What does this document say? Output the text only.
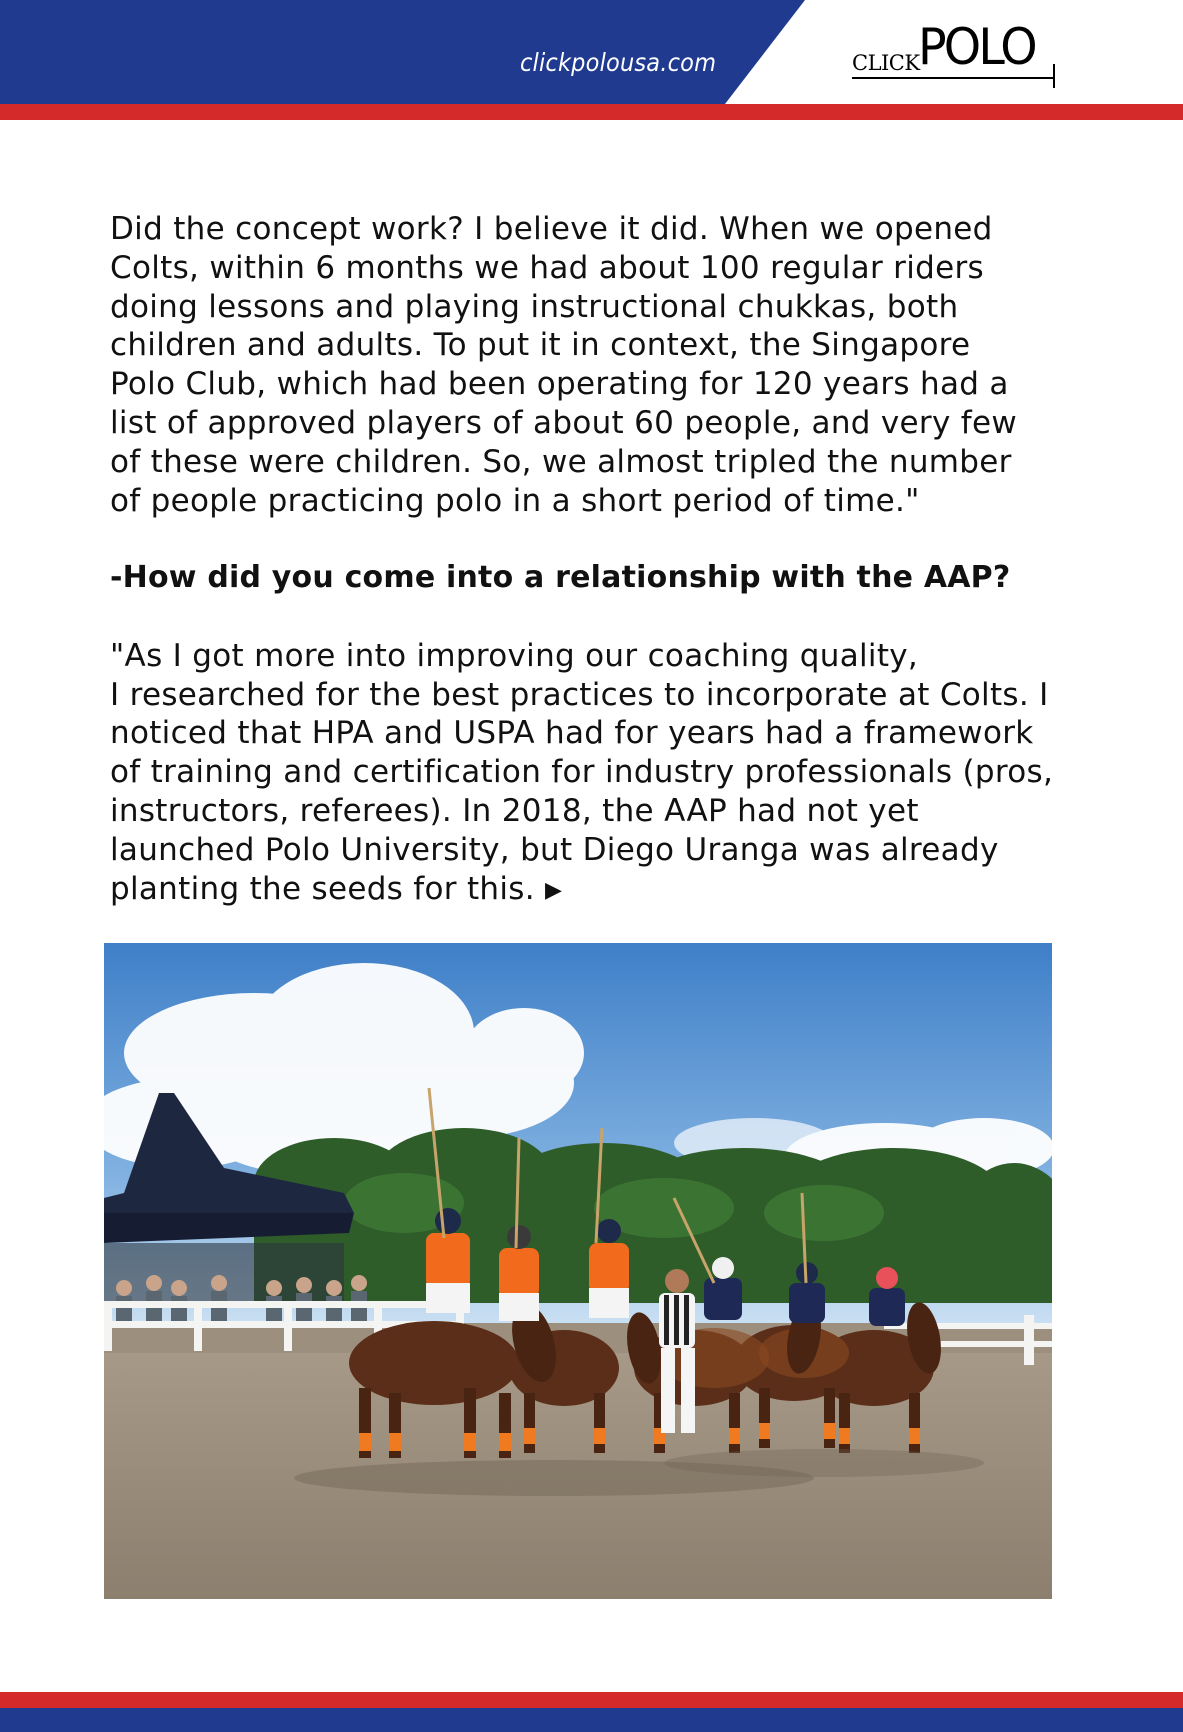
clickpolousa.com	CLICK
POLO

Did the concept work? I believe it did. When we opened

Colts, within 6 months we had about 100 regular riders

doing lessons and playing instructional chukkas, both

children and adults. To put it in context, the Singapore

Polo Club, which had been operating for 120 years had a

list of approved players of about 60 people, and very few

of these were children. So, we almost tripled the number

of people practicing polo in a short period of time."

-How did you come into a relationship with the AAP?

"As I got more into improving our coaching quality,

I researched for the best practices to incorporate at Colts. I

noticed that HPA and USPA had for years had a framework

of training and certification for industry professionals (pros,

instructors, referees). In 2018, the AAP had not yet

launched Polo University, but Diego Uranga was already

planting the seeds for this. ▶
